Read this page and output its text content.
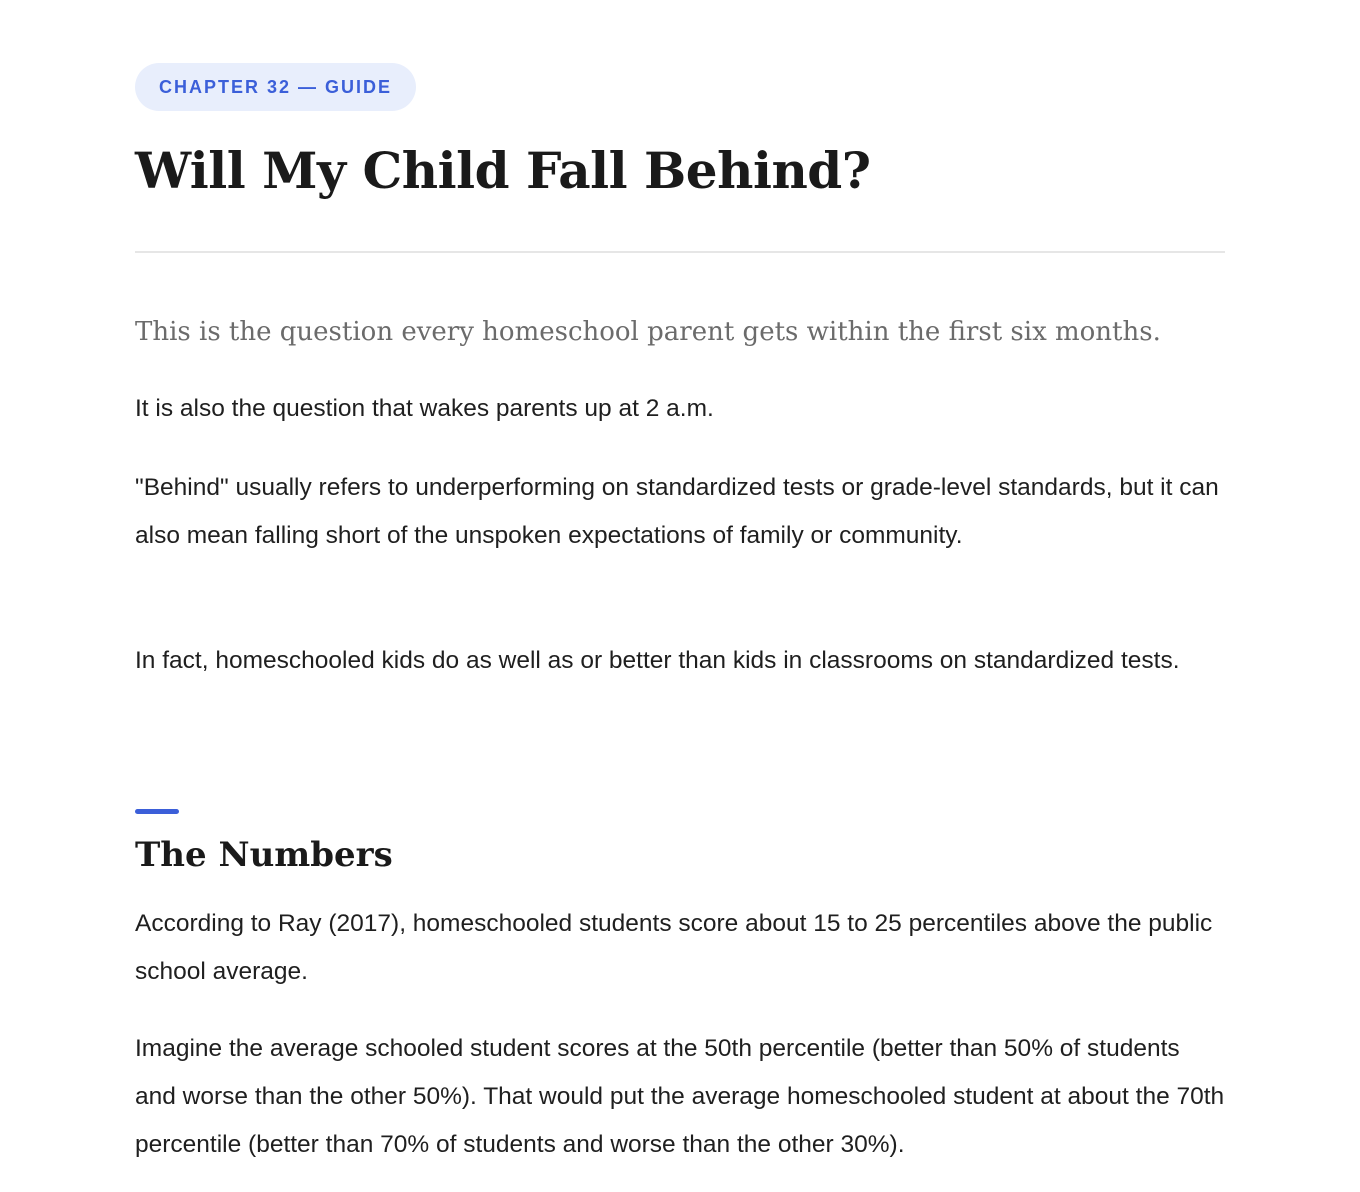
CHAPTER 32 — GUIDE
Will My Child Fall Behind?

This is the question every homeschool parent gets within the first six months.

It is also the question that wakes parents up at 2 a.m.

"Behind" usually refers to underperforming on standardized tests or grade-level standards, but it can also mean falling short of the unspoken expectations of family or community.

In fact, homeschooled kids do as well as or better than kids in classrooms on standardized tests.

The Numbers

According to Ray (2017), homeschooled students score about 15 to 25 percentiles above the public school average.

Imagine the average schooled student scores at the 50th percentile (better than 50% of students and worse than the other 50%). That would put the average homeschooled student at about the 70th percentile (better than 70% of students and worse than the other 30%).
